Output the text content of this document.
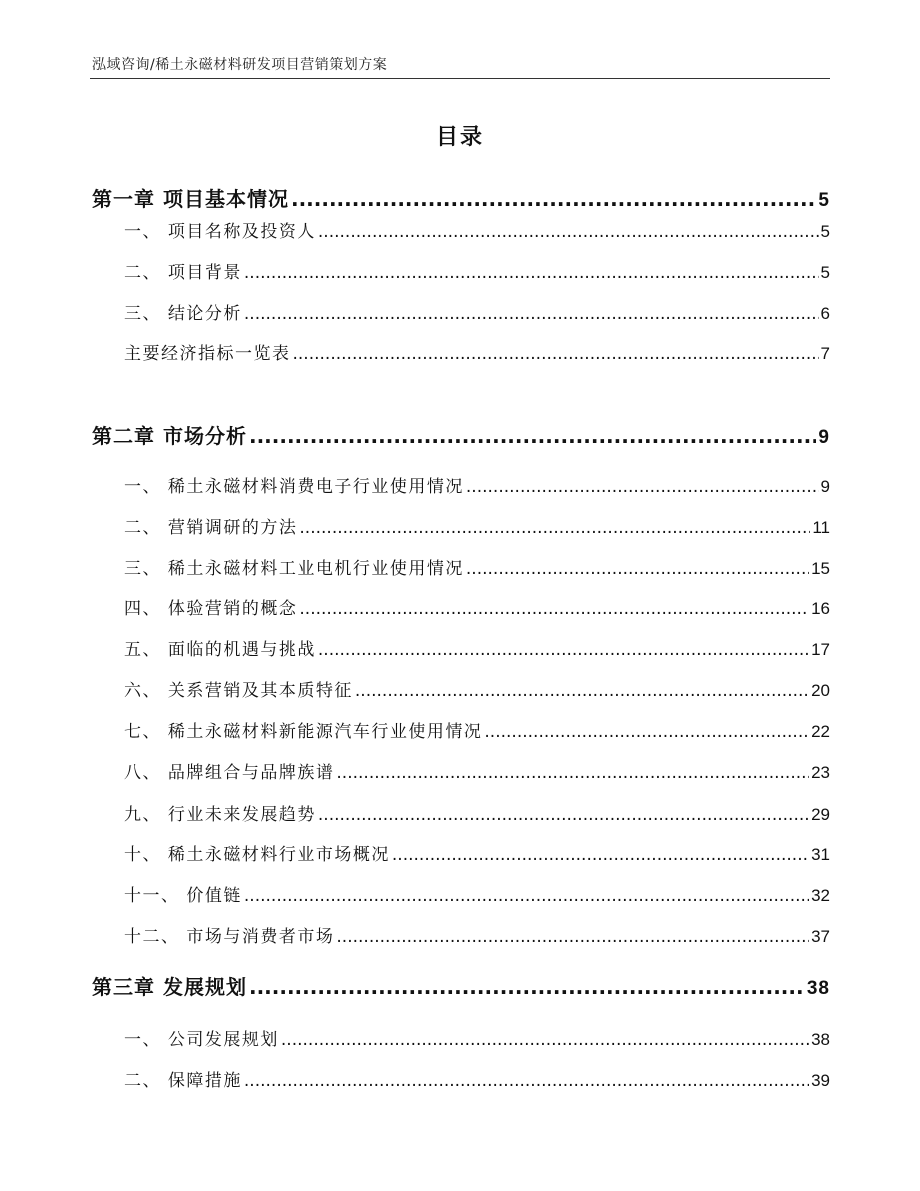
泓域咨询/稀土永磁材料研发项目营销策划方案
目录
第一章 项目基本情况 .....	5
一、 项目名称及投资人 .....	5
二、 项目背景 .....	5
三、 结论分析 .....	6
主要经济指标一览表 .....	7
第二章 市场分析 .....	9
一、 稀土永磁材料消费电子行业使用情况 .....	9
二、 营销调研的方法 .....	11
三、 稀土永磁材料工业电机行业使用情况 .....	15
四、 体验营销的概念 .....	16
五、 面临的机遇与挑战 .....	17
六、 关系营销及其本质特征 .....	20
七、 稀土永磁材料新能源汽车行业使用情况 .....	22
八、 品牌组合与品牌族谱 .....	23
九、 行业未来发展趋势 .....	29
十、 稀土永磁材料行业市场概况 .....	31
十一、 价值链 .....	32
十二、 市场与消费者市场 .....	37
第三章 发展规划 .....	38
一、 公司发展规划 .....	38
二、 保障措施 .....	39
